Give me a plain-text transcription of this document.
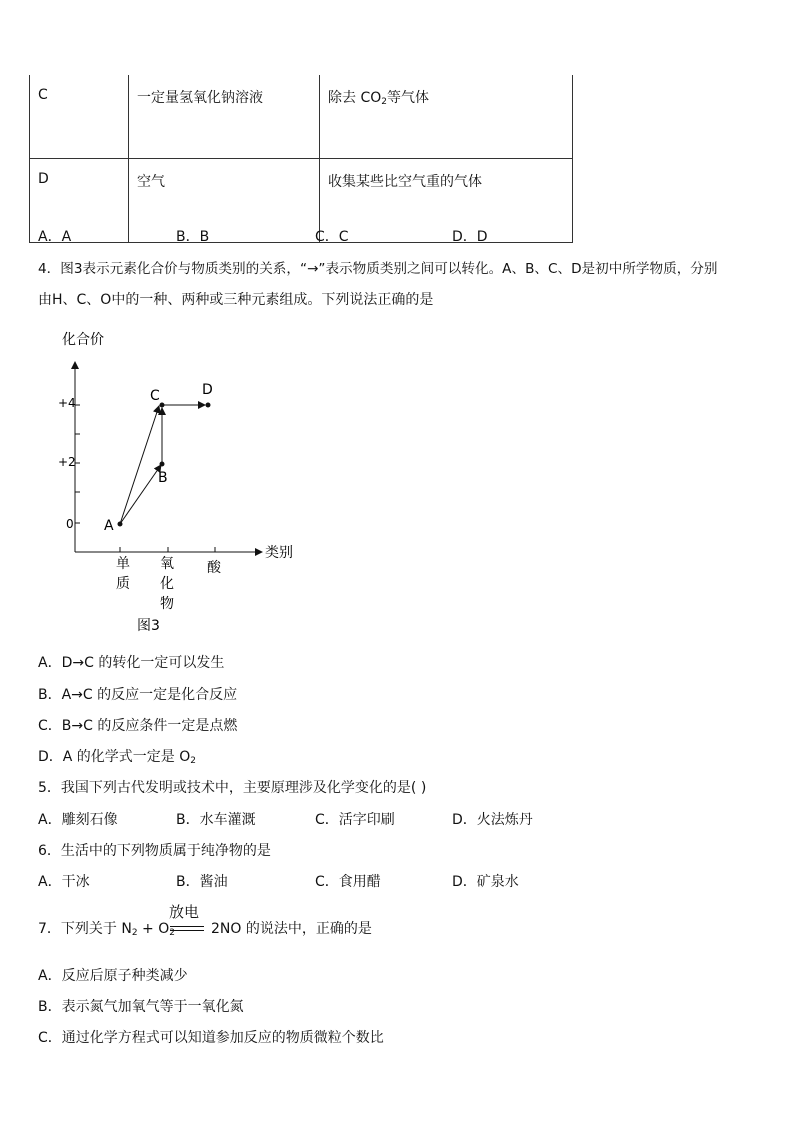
C	一定量氢氧化钠溶液	除去 $CO_2$等气体
D	空气	收集某些比空气重的气体
A．A	B．B	C．C	D．D
4．图3表示元素化合价与物质类别的关系，“→”表示物质类别之间可以转化。A、B、C、D是初中所学物质，分别
由H、C、O中的一种、两种或三种元素组成。下列说法正确的是
化合价
类别
+4
+2
0
单
质
氧
化
物
酸
A
B
C	D
图3
A．D→C 的转化一定可以发生
B．A→C 的反应一定是化合反应
C．B→C 的反应条件一定是点燃
D．A 的化学式一定是 $O_2$
5．我国下列古代发明或技术中，主要原理涉及化学变化的是( )
A．雕刻石像	B．水车灌溉	C．活字印刷	D．火法炼丹
6．生活中的下列物质属于纯净物的是
A．干冰	B．酱油	C．食用醋	D．矿泉水
7．下列关于 $N_2 + O_2$
放电
2NO 的说法中，正确的是
A．反应后原子种类减少
B．表示氮气加氧气等于一氧化氮
C．通过化学方程式可以知道参加反应的物质微粒个数比
